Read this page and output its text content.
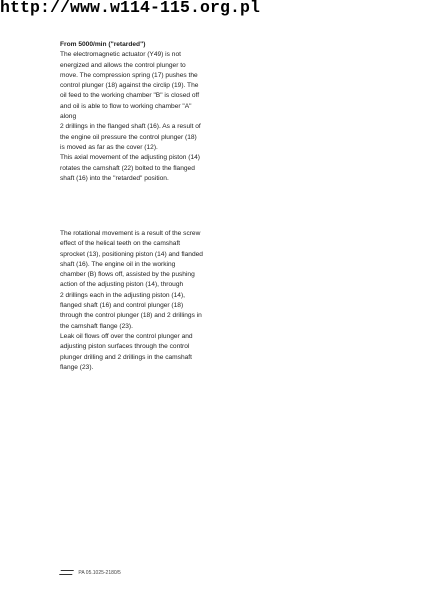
http://www.w114-115.org.pl

From 5000/min ("retarded")

The electromagnetic actuator (Y49) is not

energized and allows the control plunger to

move. The compression spring (17) pushes the

control plunger (18) against the circlip (19). The

oil feed to the working chamber "B" is closed off

and oil is able to flow to working chamber "A"

along

2 drillings in the flanged shaft (16). As a result of

the engine oil pressure the control plunger (18)

is moved as far as the cover (12).

This axial movement of the adjusting piston (14)

rotates the camshaft (22) bolted to the flanged

shaft (16) into the "retarded" position.

The rotational movement is a result of the screw

effect of the helical teeth on the camshaft

sprocket (13), positioning piston (14) and flanded

shaft (16). The engine oil in the working

chamber (B) flows off, assisted by the pushing

action of the adjusting piston (14), through

2 drillings each in the adjusting piston (14),

flanged shaft (16) and control plunger (18)

through the control plunger (18) and 2 drillings in

the camshaft flange (23).

Leak oil flows off over the control plunger and

adjusting piston surfaces through the control

plunger drilling and 2 drillings in the camshaft

flange (23).

PA 05.1025-2180/5
